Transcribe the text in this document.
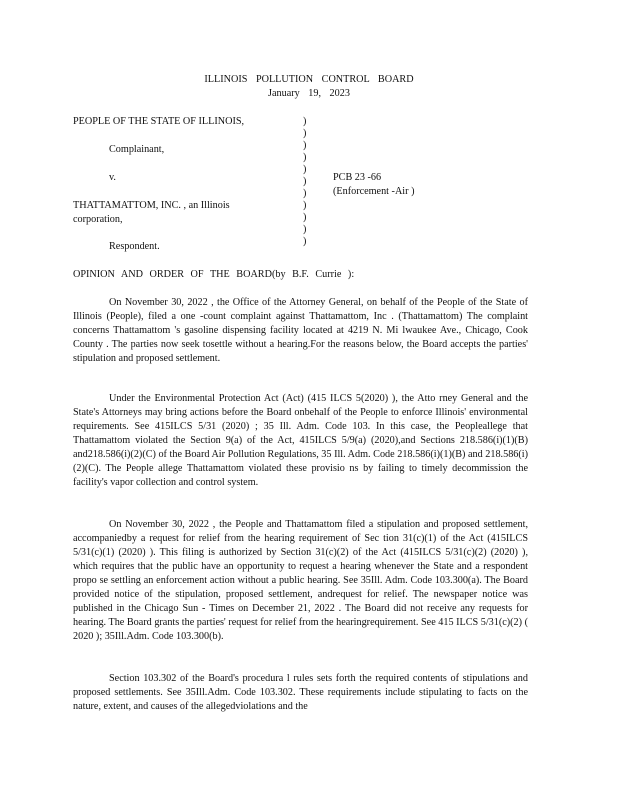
ILLINOIS POLLUTION CONTROL BOARD
January 19, 2023
PEOPLE OF THE STATE OF ILLINOIS,
Complainant,
v.
THATTAMATTOM, INC. , an Illinois
corporation,
Respondent.
)
)
)
)
)
)
)
)
)
)
)
PCB 23 -66
(Enforcement -Air )
OPINION AND ORDER OF THE BOARD(by B.F. Currie ):

On November 30, 2022 , the Office of the Attorney General, on behalf of the People of the State of Illinois (People), filed a one -count complaint against Thattamattom, Inc . (Thattamattom) The complaint concerns Thattamattom 's gasoline dispensing facility located at 4219 N. Mi lwaukee Ave., Chicago, Cook County . The parties now seek tosettle without a hearing.For the reasons below, the Board accepts the parties' stipulation and proposed settlement.

Under the Environmental Protection Act (Act) (415 ILCS 5(2020) ), the Atto rney General and the State's Attorneys may bring actions before the Board onbehalf of the People to enforce Illinois' environmental requirements. See 415ILCS 5/31 (2020) ; 35 Ill. Adm. Code 103. In this case, the Peopleallege that Thattamattom violated the Section 9(a) of the Act, 415ILCS 5/9(a) (2020),and Sections 218.586(i)(1)(B) and218.586(i)(2)(C) of the Board Air Pollution Regulations, 35 Ill. Adm. Code 218.586(i)(1)(B) and 218.586(i)(2)(C). The People allege Thattamattom violated these provisio ns by failing to timely decommission the facility's vapor collection and control system.

On November 30, 2022 , the People and Thattamattom filed a stipulation and proposed settlement, accompaniedby a request for relief from the hearing requirement of Sec tion 31(c)(1) of the Act (415ILCS 5/31(c)(1) (2020) ). This filing is authorized by Section 31(c)(2) of the Act (415ILCS 5/31(c)(2) (2020) ), which requires that the public have an opportunity to request a hearing whenever the State and a respondent propo se settling an enforcement action without a public hearing. See 35Ill. Adm. Code 103.300(a). The Board provided notice of the stipulation, proposed settlement, andrequest for relief. The newspaper notice was published in the Chicago Sun - Times on December 21, 2022 . The Board did not receive any requests for hearing. The Board grants the parties' request for relief from the hearingrequirement. See 415 ILCS 5/31(c)(2) ( 2020 ); 35Ill.Adm. Code 103.300(b).

Section 103.302 of the Board's procedura l rules sets forth the required contents of stipulations and proposed settlements. See 35Ill.Adm. Code 103.302. These requirements include stipulating to facts on the nature, extent, and causes of the allegedviolations and the
